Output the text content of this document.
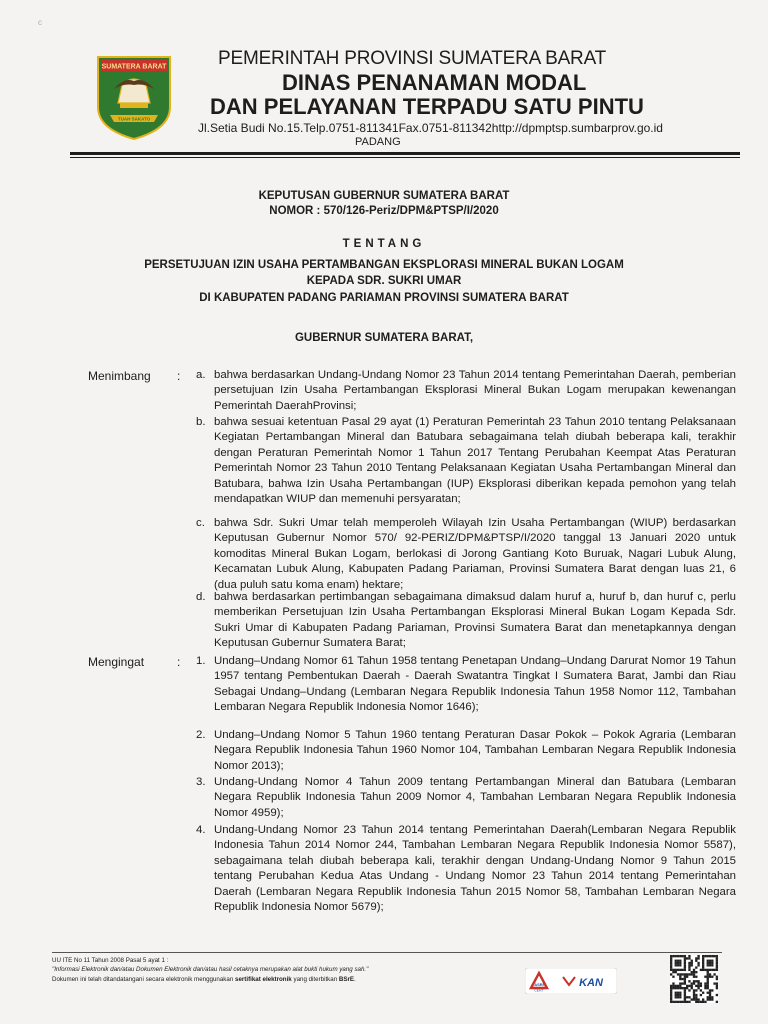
c
SUMATERA BARAT
TUAH SAKATO
PEMERINTAH PROVINSI SUMATERA BARAT
DINAS PENANAMAN MODAL
DAN PELAYANAN TERPADU SATU PINTU
Jl.Setia Budi No.15.Telp.0751-811341Fax.0751-811342http://dpmptsp.sumbarprov.go.id
PADANG
KEPUTUSAN GUBERNUR SUMATERA BARAT
NOMOR : 570/126-Periz/DPM&PTSP/I/2020
TENTANG
PERSETUJUAN IZIN USAHA PERTAMBANGAN EKSPLORASI MINERAL BUKAN LOGAM
KEPADA SDR. SUKRI UMAR
DI KABUPATEN PADANG PARIAMAN PROVINSI SUMATERA BARAT
GUBERNUR SUMATERA BARAT,
Menimbang : a. bahwa berdasarkan Undang-Undang Nomor 23 Tahun 2014 tentang Pemerintahan Daerah, pemberian persetujuan Izin Usaha Pertambangan Eksplorasi Mineral Bukan Logam merupakan kewenangan Pemerintah DaerahProvinsi;
b. bahwa sesuai ketentuan Pasal 29 ayat (1) Peraturan Pemerintah 23 Tahun 2010 tentang Pelaksanaan Kegiatan Pertambangan Mineral dan Batubara sebagaimana telah diubah beberapa kali, terakhir dengan Peraturan Pemerintah Nomor 1 Tahun 2017 Tentang Perubahan Keempat Atas Peraturan Pemerintah Nomor 23 Tahun 2010 Tentang Pelaksanaan Kegiatan Usaha Pertambangan Mineral dan Batubara, bahwa Izin Usaha Pertambangan (IUP) Eksplorasi diberikan kepada pemohon yang telah mendapatkan WIUP dan memenuhi persyaratan;
c. bahwa Sdr. Sukri Umar telah memperoleh Wilayah Izin Usaha Pertambangan (WIUP) berdasarkan Keputusan Gubernur Nomor 570/ 92-PERIZ/DPM&PTSP/I/2020 tanggal 13 Januari 2020 untuk komoditas Mineral Bukan Logam, berlokasi di Jorong Gantiang Koto Buruak, Nagari Lubuk Alung, Kecamatan Lubuk Alung, Kabupaten Padang Pariaman, Provinsi Sumatera Barat dengan luas 21, 6 (dua puluh satu koma enam) hektare;
d. bahwa berdasarkan pertimbangan sebagaimana dimaksud dalam huruf a, huruf b, dan huruf c, perlu memberikan Persetujuan Izin Usaha Pertambangan Eksplorasi Mineral Bukan Logam Kepada Sdr. Sukri Umar di Kabupaten Padang Pariaman, Provinsi Sumatera Barat dan menetapkannya dengan Keputusan Gubernur Sumatera Barat;
Mengingat	: 1. Undang–Undang Nomor 61 Tahun 1958 tentang Penetapan Undang–Undang Darurat Nomor 19 Tahun 1957 tentang Pembentukan Daerah - Daerah Swatantra Tingkat I Sumatera Barat, Jambi dan Riau Sebagai Undang–Undang (Lembaran Negara Republik Indonesia Tahun 1958 Nomor 112, Tambahan Lembaran Negara Republik Indonesia Nomor 1646);
2. Undang–Undang Nomor 5 Tahun 1960 tentang Peraturan Dasar Pokok – Pokok Agraria (Lembaran Negara Republik Indonesia Tahun 1960 Nomor 104, Tambahan Lembaran Negara Republik Indonesia Nomor 2013);
3. Undang-Undang Nomor 4 Tahun 2009 tentang Pertambangan Mineral dan Batubara (Lembaran Negara Republik Indonesia Tahun 2009 Nomor 4, Tambahan Lembaran Negara Republik Indonesia Nomor 4959);
4. Undang-Undang Nomor 23 Tahun 2014 tentang Pemerintahan Daerah(Lembaran Negara Republik Indonesia Tahun 2014 Nomor 244, Tambahan Lembaran Negara Republik Indonesia Nomor 5587), sebagaimana telah diubah beberapa kali, terakhir dengan Undang-Undang Nomor 9 Tahun 2015 tentang Perubahan Kedua Atas Undang - Undang Nomor 23 Tahun 2014 tentang Pemerintahan Daerah (Lembaran Negara Republik Indonesia Tahun 2015 Nomor 58, Tambahan Lembaran Negara Republik Indonesia Nomor 5679);
UU ITE No 11 Tahun 2008 Pasal 5 ayat 1 :
"Informasi Elektronik dan/atau Dokumen Elektronik dan/atau hasil cetaknya merupakan alat bukti hukum yang sah."
Dokumen ini telah ditandatangani secara elektronik menggunakan sertifikat elektronik yang diterbitkan BSrE.
ASRI
CERT
KAN
